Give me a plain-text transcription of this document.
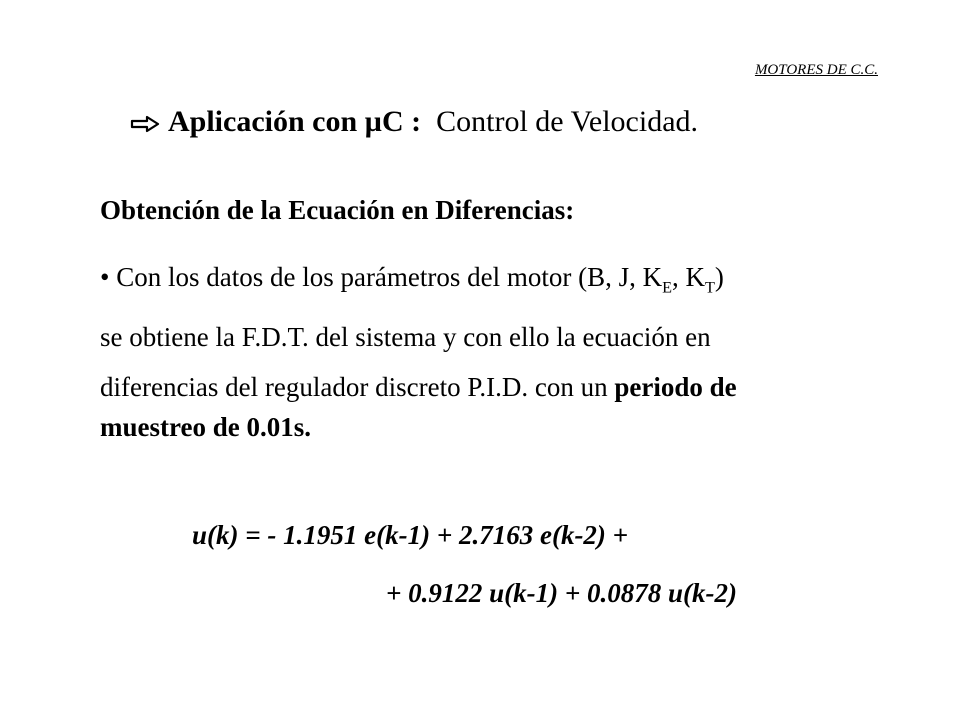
MOTORES DE C.C.
Aplicación con µC : Control de Velocidad.
Obtención de la Ecuación en Diferencias:

• Con los datos de los parámetros del motor (B, J, $K_E$, $K_T$)

se obtiene la F.D.T. del sistema y con ello la ecuación en

diferencias del regulador discreto P.I.D. con un periodo de

muestreo de 0.01s.

u(k) = - 1.1951 e(k-1) + 2.7163 e(k-2) +
+ 0.9122 u(k-1) + 0.0878 u(k-2)
